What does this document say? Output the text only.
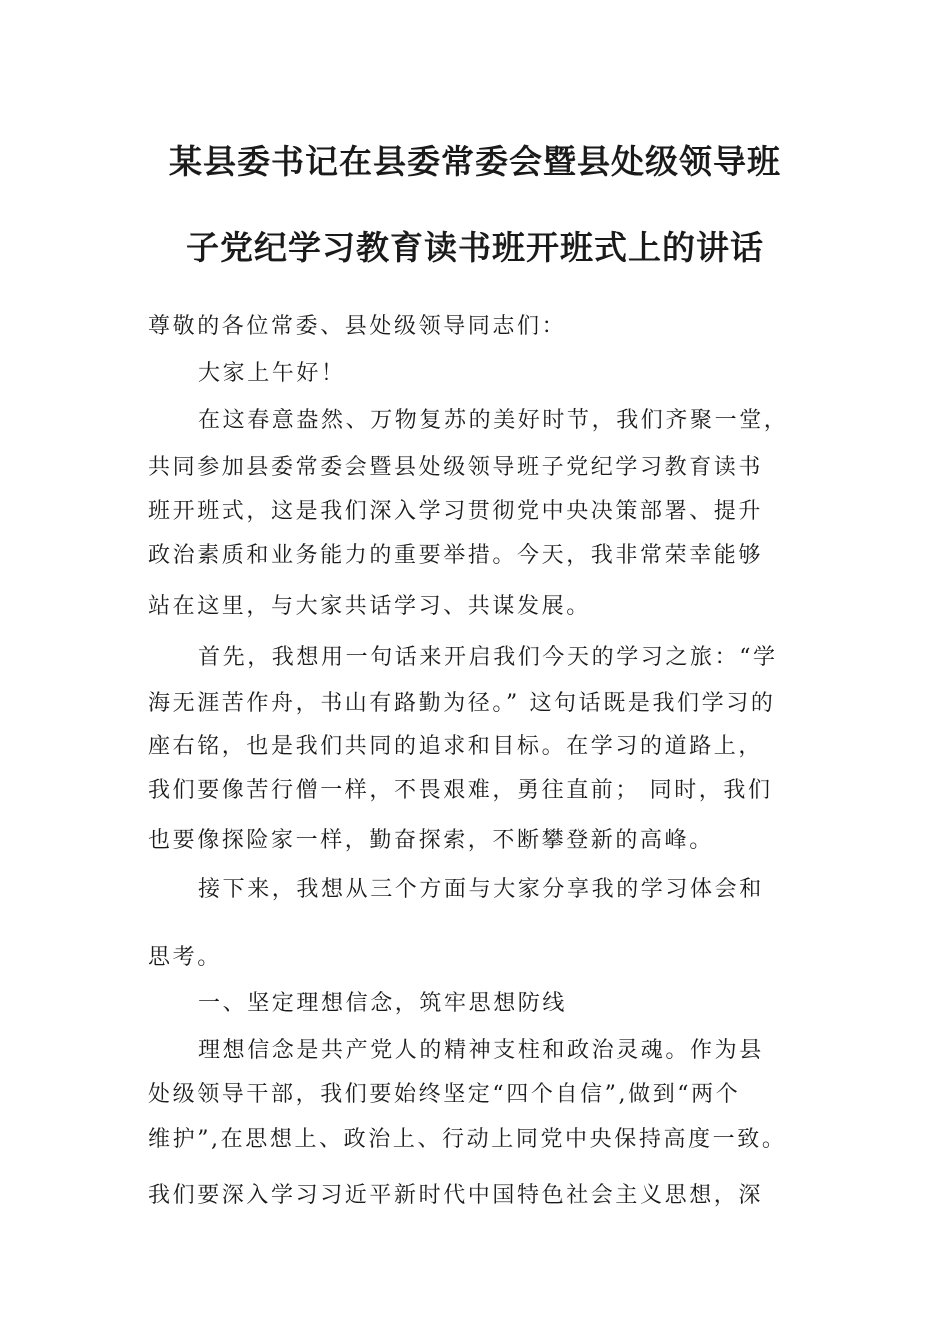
某县委书记在县委常委会暨县处级领导班
子党纪学习教育读书班开班式上的讲话
尊敬的各位常委、县处级领导同志们：
大家上午好！
在这春意盎然、万物复苏的美好时节，我们齐聚一堂，
共同参加县委常委会暨县处级领导班子党纪学习教育读书
班开班式，这是我们深入学习贯彻党中央决策部署、提升
政治素质和业务能力的重要举措。今天，我非常荣幸能够
站在这里，与大家共话学习、共谋发展。
首先，我想用一句话来开启我们今天的学习之旅：“学
海无涯苦作舟，书山有路勤为径。” 这句话既是我们学习的
座右铭，也是我们共同的追求和目标。在学习的道路上，
我们要像苦行僧一样，不畏艰难，勇往直前； 同时，我们
也要像探险家一样，勤奋探索，不断攀登新的高峰。
接下来，我想从三个方面与大家分享我的学习体会和
思考。
一、坚定理想信念，筑牢思想防线
理想信念是共产党人的精神支柱和政治灵魂。作为县
处级领导干部，我们要始终坚定“四个自信”,做到“两个
维护”,在思想上、政治上、行动上同党中央保持高度一致。
我们要深入学习习近平新时代中国特色社会主义思想，深
